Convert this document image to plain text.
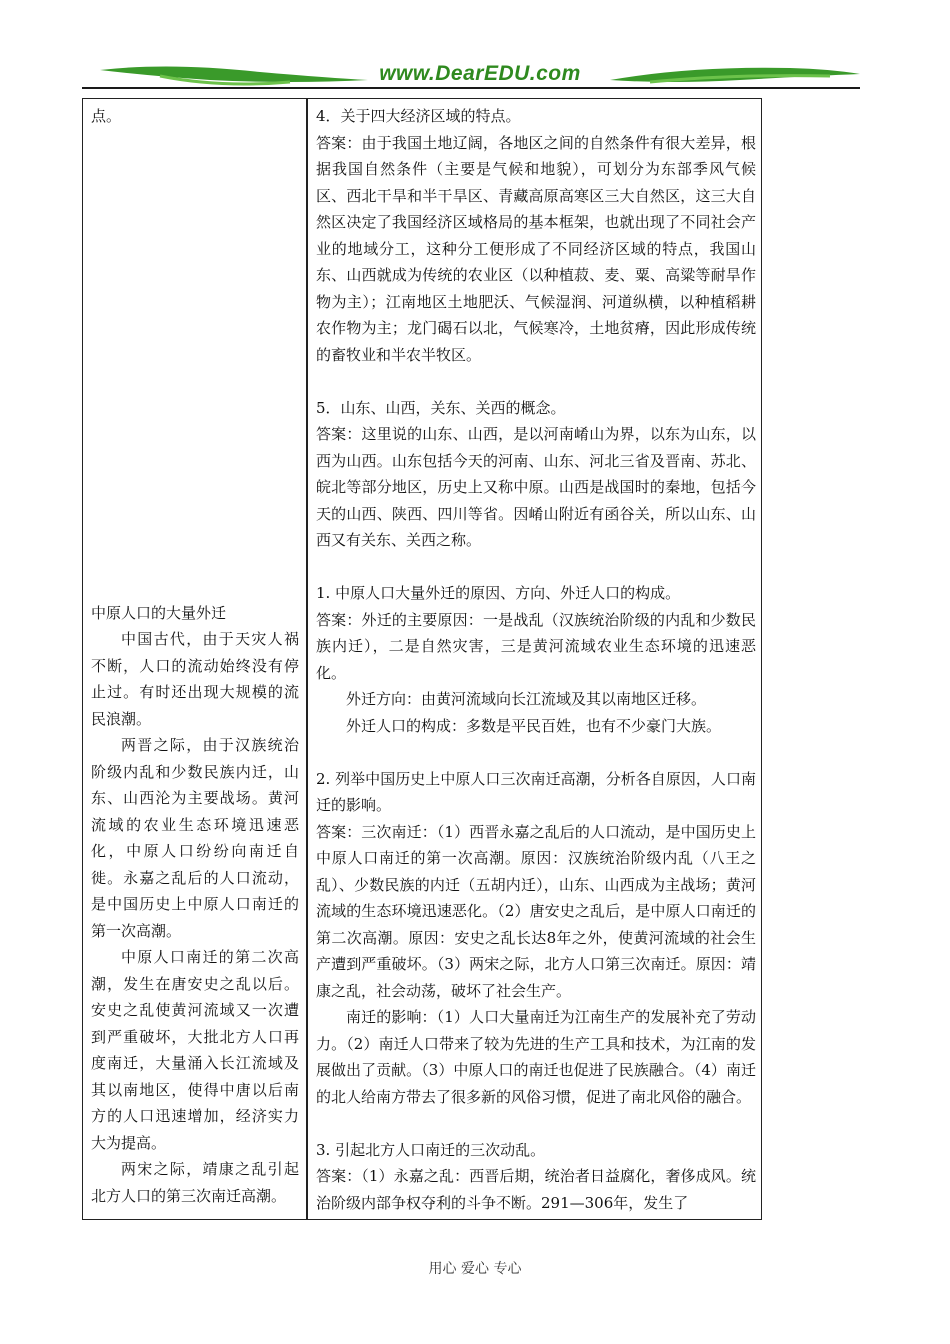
www.DearEDU.com

点。

中原人口的大量外迁

中国古代，由于天灾人祸不断，人口的流动始终没有停止过。有时还出现大规模的流民浪潮。

两晋之际，由于汉族统治阶级内乱和少数民族内迁，山东、山西沦为主要战场。黄河流域的农业生态环境迅速恶化，中原人口纷纷向南迁自徙。永嘉之乱后的人口流动，是中国历史上中原人口南迁的第一次高潮。

中原人口南迁的第二次高潮，发生在唐安史之乱以后。安史之乱使黄河流域又一次遭到严重破坏，大批北方人口再度南迁，大量涌入长江流域及其以南地区，使得中唐以后南方的人口迅速增加，经济实力大为提高。

两宋之际，靖康之乱引起北方人口的第三次南迁高潮。

4．关于四大经济区域的特点。

答案：由于我国土地辽阔，各地区之间的自然条件有很大差异，根据我国自然条件（主要是气候和地貌），可划分为东部季风气候区、西北干旱和半干旱区、青藏高原高寒区三大自然区，这三大自然区决定了我国经济区域格局的基本框架，也就出现了不同社会产业的地域分工，这种分工便形成了不同经济区域的特点，我国山东、山西就成为传统的农业区（以种植菽、麦、粟、高粱等耐旱作物为主）；江南地区土地肥沃、气候湿润、河道纵横，以种植稻耕农作物为主；龙门碣石以北，气候寒冷，土地贫瘠，因此形成传统的畜牧业和半农半牧区。

5．山东、山西，关东、关西的概念。

答案：这里说的山东、山西，是以河南崤山为界，以东为山东，以西为山西。山东包括今天的河南、山东、河北三省及晋南、苏北、皖北等部分地区，历史上又称中原。山西是战国时的秦地，包括今天的山西、陕西、四川等省。因崤山附近有函谷关，所以山东、山西又有关东、关西之称。

1. 中原人口大量外迁的原因、方向、外迁人口的构成。

答案：外迁的主要原因：一是战乱（汉族统治阶级的内乱和少数民族内迁），二是自然灾害，三是黄河流域农业生态环境的迅速恶化。

外迁方向：由黄河流域向长江流域及其以南地区迁移。

外迁人口的构成：多数是平民百姓，也有不少豪门大族。

2. 列举中国历史上中原人口三次南迁高潮，分析各自原因，人口南迁的影响。

答案：三次南迁：（1）西晋永嘉之乱后的人口流动，是中国历史上中原人口南迁的第一次高潮。原因：汉族统治阶级内乱（八王之乱）、少数民族的内迁（五胡内迁），山东、山西成为主战场；黄河流域的生态环境迅速恶化。（2）唐安史之乱后，是中原人口南迁的第二次高潮。原因：安史之乱长达8年之外，使黄河流域的社会生产遭到严重破坏。（3）两宋之际，北方人口第三次南迁。原因：靖康之乱，社会动荡，破坏了社会生产。

南迁的影响：（1）人口大量南迁为江南生产的发展补充了劳动力。（2）南迁人口带来了较为先进的生产工具和技术，为江南的发展做出了贡献。（3）中原人口的南迁也促进了民族融合。（4）南迁的北人给南方带去了很多新的风俗习惯，促进了南北风俗的融合。

3. 引起北方人口南迁的三次动乱。

答案：（1）永嘉之乱：西晋后期，统治者日益腐化，奢侈成风。统治阶级内部争权夺利的斗争不断。291—306年，发生了

用心 爱心 专心
